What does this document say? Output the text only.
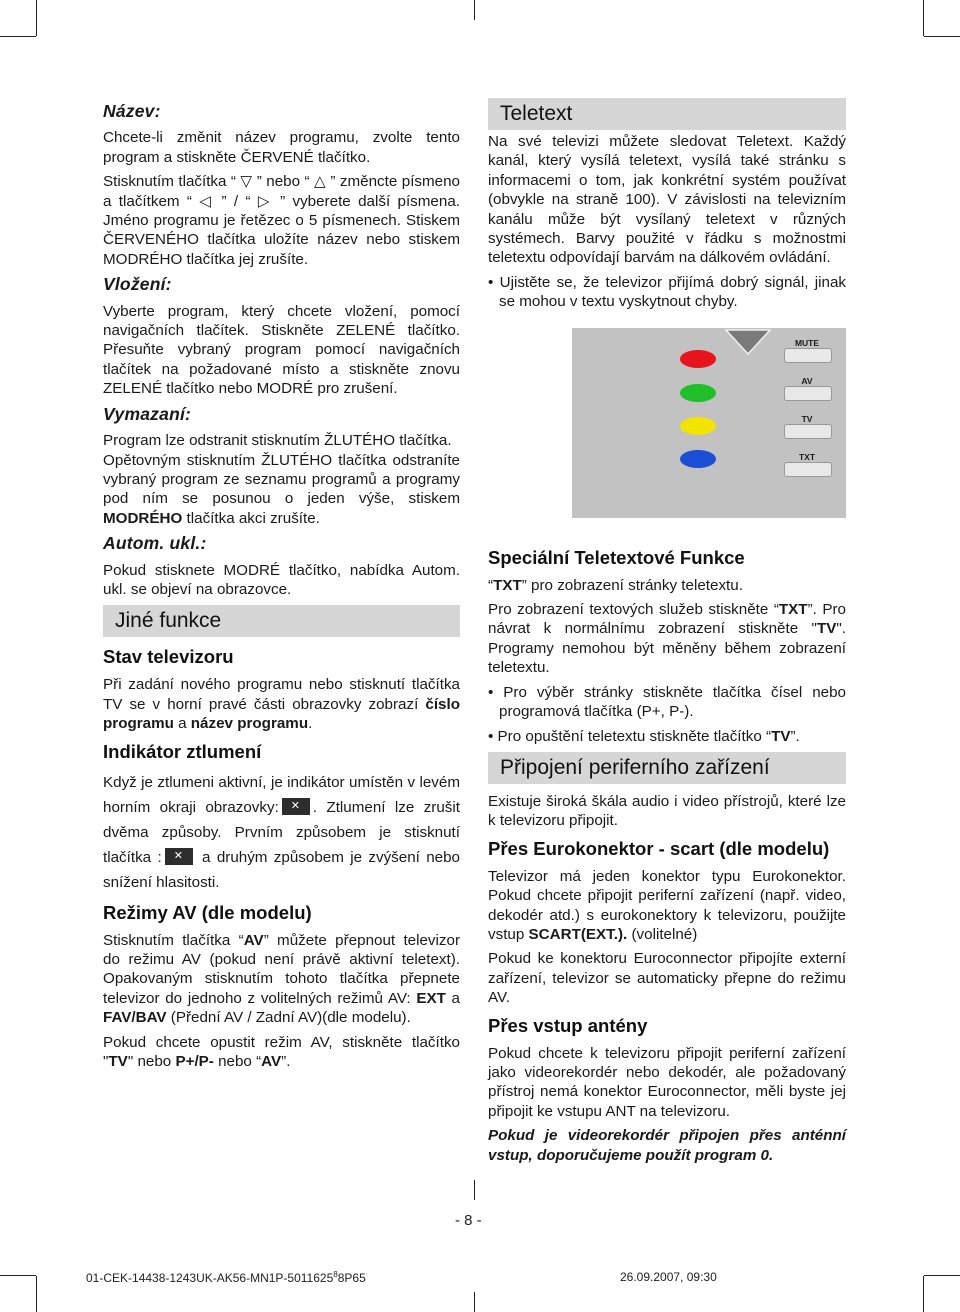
Název:

Chcete-li změnit název programu, zvolte tento program a stiskněte ČERVENÉ tlačítko.

Stisknutím tlačítka “ ▽ ” nebo “ △ ” změncte písmeno a tlačítkem “ ◁ ” / “ ▷ ” vyberete další písmena. Jméno programu je řetězec o 5 písmenech. Stiskem ČERVENÉHO tlačítka uložíte název nebo stiskem MODRÉHO tlačítka jej zrušíte.

Vložení:

Vyberte program, který chcete vložení, pomocí navigačních tlačítek. Stiskněte ZELENÉ tlačítko. Přesuňte vybraný program pomocí navigačních tlačítek na požadované místo a stiskněte znovu ZELENÉ tlačítko nebo MODRÉ pro zrušení.

Vymazaní:

Program lze odstranit stisknutím ŽLUTÉHO tlačítka.

Opětovným stisknutím ŽLUTÉHO tlačítka odstraníte vybraný program ze seznamu programů a programy pod ním se posunou o jeden výše, stiskem MODRÉHO tlačítka akci zrušíte.

Autom. ukl.:

Pokud stisknete MODRÉ tlačítko, nabídka Autom. ukl. se objeví na obrazovce.

Jiné funkce
Stav televizoru

Při zadání nového programu nebo stisknutí tlačítka TV se v horní pravé části obrazovky zobrazí číslo programu a název programu.

Indikátor ztlumení

Když je ztlumeni aktivní, je indikátor umístěn v levém horním okraji obrazovky:✕ . Ztlumení lze zrušit dvěma způsoby. Prvním způsobem je stisknutí tlačítka :✕ a druhým způsobem je zvýšení nebo snížení hlasitosti.

Režimy AV (dle modelu)

Stisknutím tlačítka “AV” můžete přepnout televizor do režimu AV (pokud není právě aktivní teletext). Opakovaným stisknutím tohoto tlačítka přepnete televizor do jednoho z volitelných režimů AV: EXT a FAV/BAV (Přední AV / Zadní AV)(dle modelu).

Pokud chcete opustit režim AV, stiskněte tlačítko "TV" nebo P+/P- nebo “AV”.

Teletext

Na své televizi můžete sledovat Teletext. Každý kanál, který vysílá teletext, vysílá také stránku s informacemi o tom, jak konkrétní systém používat (obvykle na straně 100). V závislosti na televizním kanálu může být vysílaný teletext v různých systémech. Barvy použité v řádku s možnostmi teletextu odpovídají barvám na dálkovém ovládání.

• Ujistěte se, že televizor přijímá dobrý signál, jinak se mohou v textu vyskytnout chyby.

MUTE
AV
TV
TXT
Speciální Teletextové Funkce

“TXT” pro zobrazení stránky teletextu.

Pro zobrazení textových služeb stiskněte “TXT”. Pro návrat k normálnímu zobrazení stiskněte "TV". Programy nemohou být měněny během zobrazení teletextu.

• Pro výběr stránky stiskněte tlačítka čísel nebo programová tlačítka (P+, P-).

• Pro opuštění teletextu stiskněte tlačítko “TV”.

Připojení periferního zařízení

Existuje široká škála audio i video přístrojů, které lze k televizoru připojit.

Přes Eurokonektor - scart (dle modelu)

Televizor má jeden konektor typu Eurokonektor. Pokud chcete připojit periferní zařízení (např. video, dekodér atd.) s eurokonektory k televizoru, použijte vstup SCART(EXT.). (volitelné)

Pokud ke konektoru Euroconnector připojíte externí zařízení, televizor se automaticky přepne do režimu AV.

Přes vstup antény

Pokud chcete k televizoru připojit periferní zařízení jako videorekordér nebo dekodér, ale požadovaný přístroj nemá konektor Euroconnector, měli byste jej připojit ke vstupu ANT na televizoru.

Pokud je videorekordér připojen přes anténní vstup, doporučujeme použít program 0.

- 8 -
01-CEK-14438-1243UK-AK56-MN1P-5011625$^8$8P65	26.09.2007, 09:30
